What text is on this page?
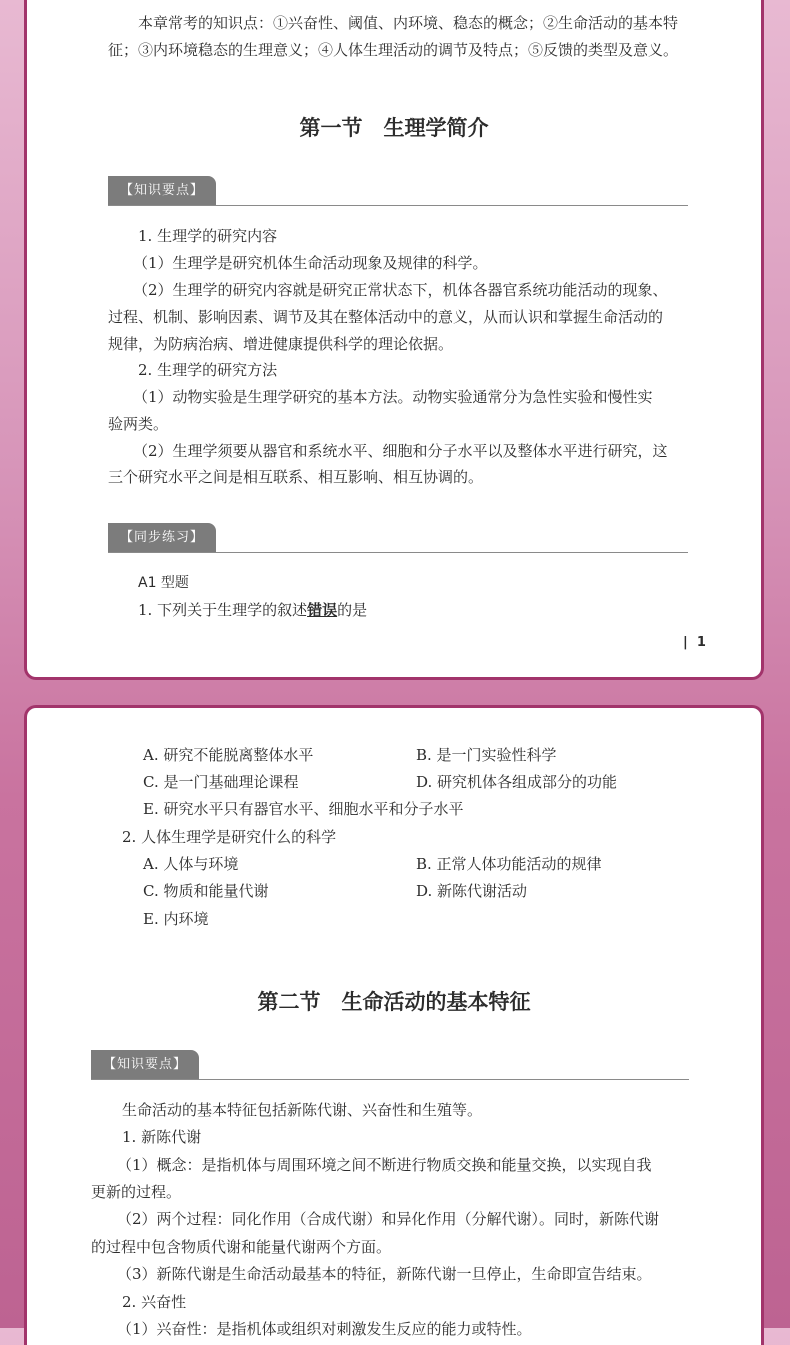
本章常考的知识点：①兴奋性、阈值、内环境、稳态的概念；②生命活动的基本特
征；③内环境稳态的生理意义；④人体生理活动的调节及特点；⑤反馈的类型及意义。
第一节　生理学简介
【知识要点】
1. 生理学的研究内容
（1）生理学是研究机体生命活动现象及规律的科学。
（2）生理学的研究内容就是研究正常状态下，机体各器官系统功能活动的现象、
过程、机制、影响因素、调节及其在整体活动中的意义，从而认识和掌握生命活动的
规律，为防病治病、增进健康提供科学的理论依据。
2. 生理学的研究方法
（1）动物实验是生理学研究的基本方法。动物实验通常分为急性实验和慢性实
验两类。
（2）生理学须要从器官和系统水平、细胞和分子水平以及整体水平进行研究，这
三个研究水平之间是相互联系、相互影响、相互协调的。
【同步练习】
A1 型题
1. 下列关于生理学的叙述错误的是
| 1
A. 研究不能脱离整体水平	B. 是一门实验性科学
C. 是一门基础理论课程	D. 研究机体各组成部分的功能
E. 研究水平只有器官水平、细胞水平和分子水平
2. 人体生理学是研究什么的科学
A. 人体与环境	B. 正常人体功能活动的规律
C. 物质和能量代谢	D. 新陈代谢活动
E. 内环境
第二节　生命活动的基本特征
【知识要点】
生命活动的基本特征包括新陈代谢、兴奋性和生殖等。
1. 新陈代谢
（1）概念：是指机体与周围环境之间不断进行物质交换和能量交换，以实现自我
更新的过程。
（2）两个过程：同化作用（合成代谢）和异化作用（分解代谢）。同时，新陈代谢
的过程中包含物质代谢和能量代谢两个方面。
（3）新陈代谢是生命活动最基本的特征，新陈代谢一旦停止，生命即宣告结束。
2. 兴奋性
（1）兴奋性：是指机体或组织对刺激发生反应的能力或特性。
